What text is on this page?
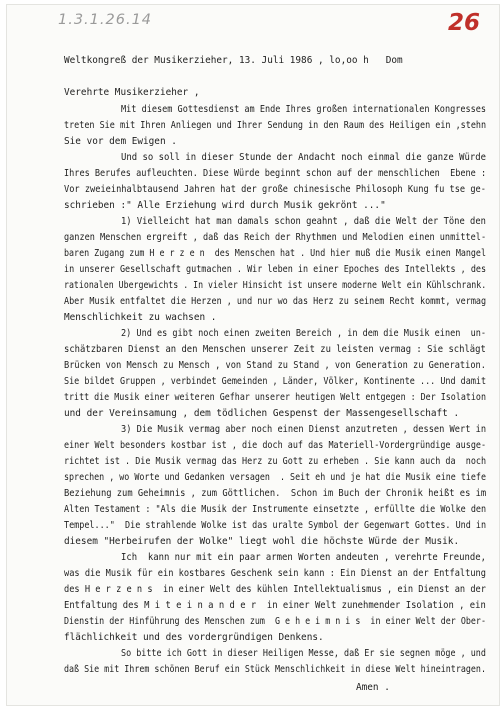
1.3.1.26.14	26
Weltkongreß der Musikerzieher, 13. Juli 1986 , lo,oo h   Dom
Verehrte Musikerzieher ,
Mit diesem Gottesdienst am Ende Ihres großen internationalen Kongresses
treten Sie mit Ihren Anliegen und Ihrer Sendung in den Raum des Heiligen ein ,stehn
Sie vor dem Ewigen .
Und so soll in dieser Stunde der Andacht noch einmal die ganze Würde
Ihres Berufes aufleuchten. Diese Würde beginnt schon auf der menschlichen  Ebene :
Vor zweieinhalbtausend Jahren hat der große chinesische Philosoph Kung fu tse ge-
schrieben :" Alle Erziehung wird durch Musik gekrönt ..."
1) Vielleicht hat man damals schon geahnt , daß die Welt der Töne den
ganzen Menschen ergreift , daß das Reich der Rhythmen und Melodien einen unmittel-
baren Zugang zum H e r z e n  des Menschen hat . Und hier muß die Musik einen Mangel
in unserer Gesellschaft gutmachen . Wir leben in einer Epoches des Intellekts , des
rationalen Übergewichts . In vieler Hinsicht ist unsere moderne Welt ein Kühlschrank.
Aber Musik entfaltet die Herzen , und nur wo das Herz zu seinem Recht kommt, vermag
Menschlichkeit zu wachsen .
2) Und es gibt noch einen zweiten Bereich , in dem die Musik einen  un-
schätzbaren Dienst an den Menschen unserer Zeit zu leisten vermag : Sie schlägt
Brücken von Mensch zu Mensch , von Stand zu Stand , von Generation zu Generation.
Sie bildet Gruppen , verbindet Gemeinden , Länder, Völker, Kontinente ... Und damit
tritt die Musik einer weiteren Gefhar unserer heutigen Welt entgegen : Der Isolation
und der Vereinsamung , dem tödlichen Gespenst der Massengesellschaft .
3) Die Musik vermag aber noch einen Dienst anzutreten , dessen Wert in
einer Welt besonders kostbar ist , die doch auf das Materiell-Vordergründige ausge-
richtet ist . Die Musik vermag das Herz zu Gott zu erheben . Sie kann auch da  noch
sprechen , wo Worte und Gedanken versagen  . Seit eh und je hat die Musik eine tiefe
Beziehung zum Geheimnis , zum Göttlichen.  Schon im Buch der Chronik heißt es im
Alten Testament : "Als die Musik der Instrumente einsetzte , erfüllte die Wolke den
Tempel..."  Die strahlende Wolke ist das uralte Symbol der Gegenwart Gottes. Und in
diesem "Herbeirufen der Wolke" liegt wohl die höchste Würde der Musik.
Ich  kann nur mit ein paar armen Worten andeuten , verehrte Freunde,
was die Musik für ein kostbares Geschenk sein kann : Ein Dienst an der Entfaltung
des H e r z e n s  in einer Welt des kühlen Intellektualismus , ein Dienst an der
Entfaltung des M i t e i n a n d e r  in einer Welt zunehmender Isolation , ein
Dienstin der Hinführung des Menschen zum  G e h e i m n i s  in einer Welt der Ober-
flächlichkeit und des vordergründigen Denkens.
So bitte ich Gott in dieser Heiligen Messe, daß Er sie segnen möge , und
daß Sie mit Ihrem schönen Beruf ein Stück Menschlichkeit in diese Welt hineintragen.
Amen .
